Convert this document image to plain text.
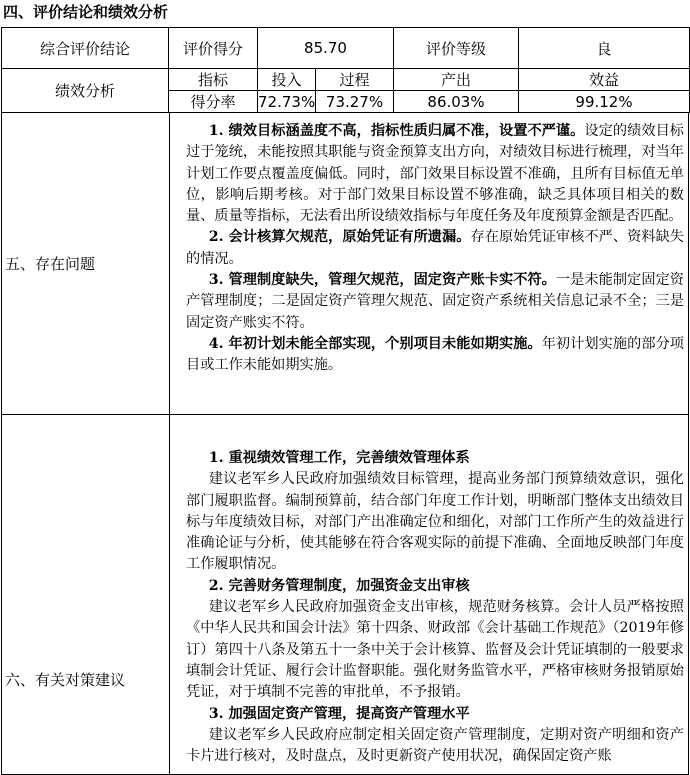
四、评价结论和绩效分析
综合评价结论	评价得分	85.70		评价等级	良
绩效分析	指标	投入	过程	产出	效益
	得分率	72.73%	73.27%	86.03%	99.12%
五、存在问题

1. 绩效目标涵盖度不高，指标性质归属不准，设置不严谨。设定的绩效目标过于笼统，未能按照其职能与资金预算支出方向，对绩效目标进行梳理，对当年计划工作要点覆盖度偏低。同时，部门效果目标设置不准确，且所有目标值无单位，影响后期考核。对于部门效果目标设置不够准确，缺乏具体项目相关的数量、质量等指标，无法看出所设绩效指标与年度任务及年度预算金额是否匹配。

2. 会计核算欠规范，原始凭证有所遗漏。存在原始凭证审核不严、资料缺失的情况。

3. 管理制度缺失，管理欠规范，固定资产账卡实不符。一是未能制定固定资产管理制度；二是固定资产管理欠规范、固定资产系统相关信息记录不全；三是固定资产账实不符。

4. 年初计划未能全部实现，个别项目未能如期实施。年初计划实施的部分项目或工作未能如期实施。

六、有关对策建议

1. 重视绩效管理工作，完善绩效管理体系

建议老军乡人民政府加强绩效目标管理，提高业务部门预算绩效意识，强化部门履职监督。编制预算前，结合部门年度工作计划，明晰部门整体支出绩效目标与年度绩效目标，对部门产出准确定位和细化，对部门工作所产生的效益进行准确论证与分析，使其能够在符合客观实际的前提下准确、全面地反映部门年度工作履职情况。

2. 完善财务管理制度，加强资金支出审核

建议老军乡人民政府加强资金支出审核，规范财务核算。会计人员严格按照《中华人民共和国会计法》第十四条、财政部《会计基础工作规范》（2019年修订）第四十八条及第五十一条中关于会计核算、监督及会计凭证填制的一般要求填制会计凭证、履行会计监督职能。强化财务监管水平，严格审核财务报销原始凭证，对于填制不完善的审批单，不予报销。

3. 加强固定资产管理，提高资产管理水平

建议老军乡人民政府应制定相关固定资产管理制度，定期对资产明细和资产卡片进行核对，及时盘点，及时更新资产使用状况，确保固定资产账
